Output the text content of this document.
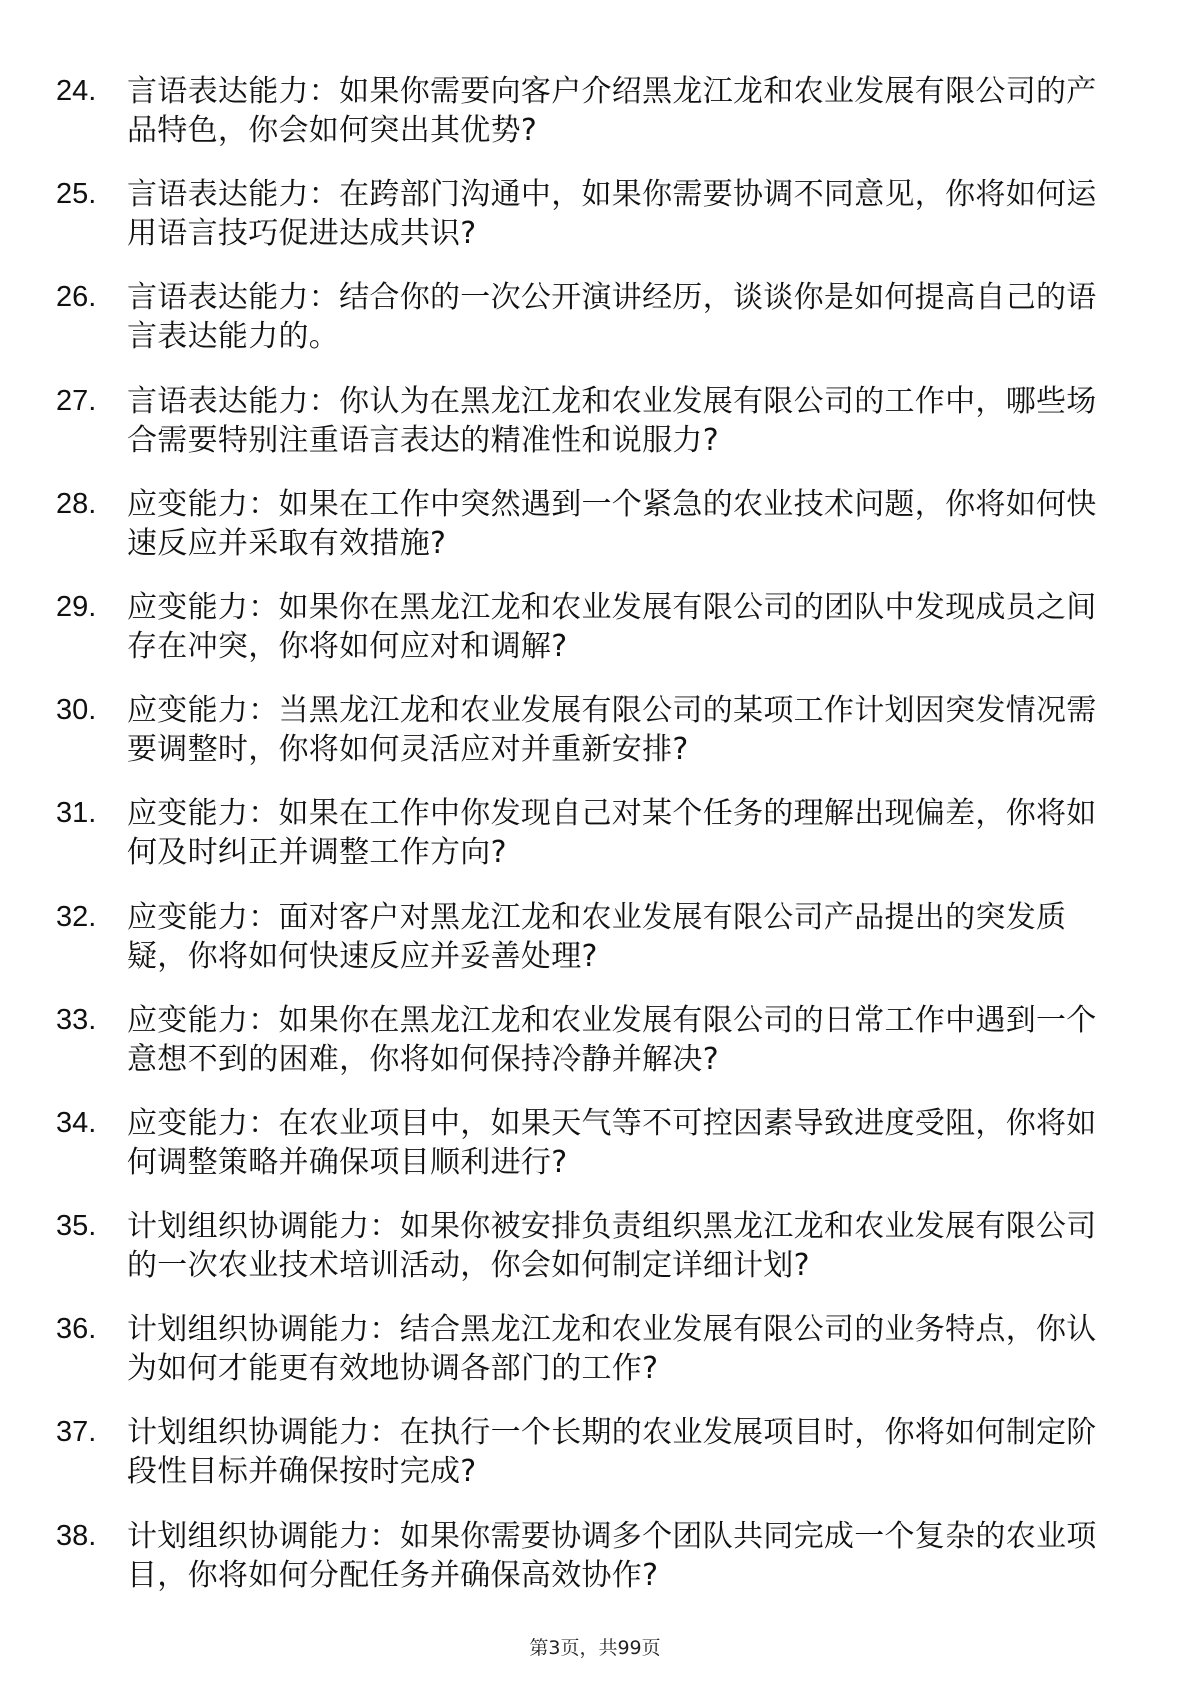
24. 言语表达能力：如果你需要向客户介绍黑龙江龙和农业发展有限公司的产品特色，你会如何突出其优势?
25. 言语表达能力：在跨部门沟通中，如果你需要协调不同意见，你将如何运用语言技巧促进达成共识?
26. 言语表达能力：结合你的一次公开演讲经历，谈谈你是如何提高自己的语言表达能力的。
27. 言语表达能力：你认为在黑龙江龙和农业发展有限公司的工作中，哪些场合需要特别注重语言表达的精准性和说服力?
28. 应变能力：如果在工作中突然遇到一个紧急的农业技术问题，你将如何快速反应并采取有效措施?
29. 应变能力：如果你在黑龙江龙和农业发展有限公司的团队中发现成员之间存在冲突，你将如何应对和调解?
30. 应变能力：当黑龙江龙和农业发展有限公司的某项工作计划因突发情况需要调整时，你将如何灵活应对并重新安排?
31. 应变能力：如果在工作中你发现自己对某个任务的理解出现偏差，你将如何及时纠正并调整工作方向?
32. 应变能力：面对客户对黑龙江龙和农业发展有限公司产品提出的突发质疑，你将如何快速反应并妥善处理?
33. 应变能力：如果你在黑龙江龙和农业发展有限公司的日常工作中遇到一个意想不到的困难，你将如何保持冷静并解决?
34. 应变能力：在农业项目中，如果天气等不可控因素导致进度受阻，你将如何调整策略并确保项目顺利进行?
35. 计划组织协调能力：如果你被安排负责组织黑龙江龙和农业发展有限公司的一次农业技术培训活动，你会如何制定详细计划?
36. 计划组织协调能力：结合黑龙江龙和农业发展有限公司的业务特点，你认为如何才能更有效地协调各部门的工作?
37. 计划组织协调能力：在执行一个长期的农业发展项目时，你将如何制定阶段性目标并确保按时完成?
38. 计划组织协调能力：如果你需要协调多个团队共同完成一个复杂的农业项目，你将如何分配任务并确保高效协作?
第3页，共99页
